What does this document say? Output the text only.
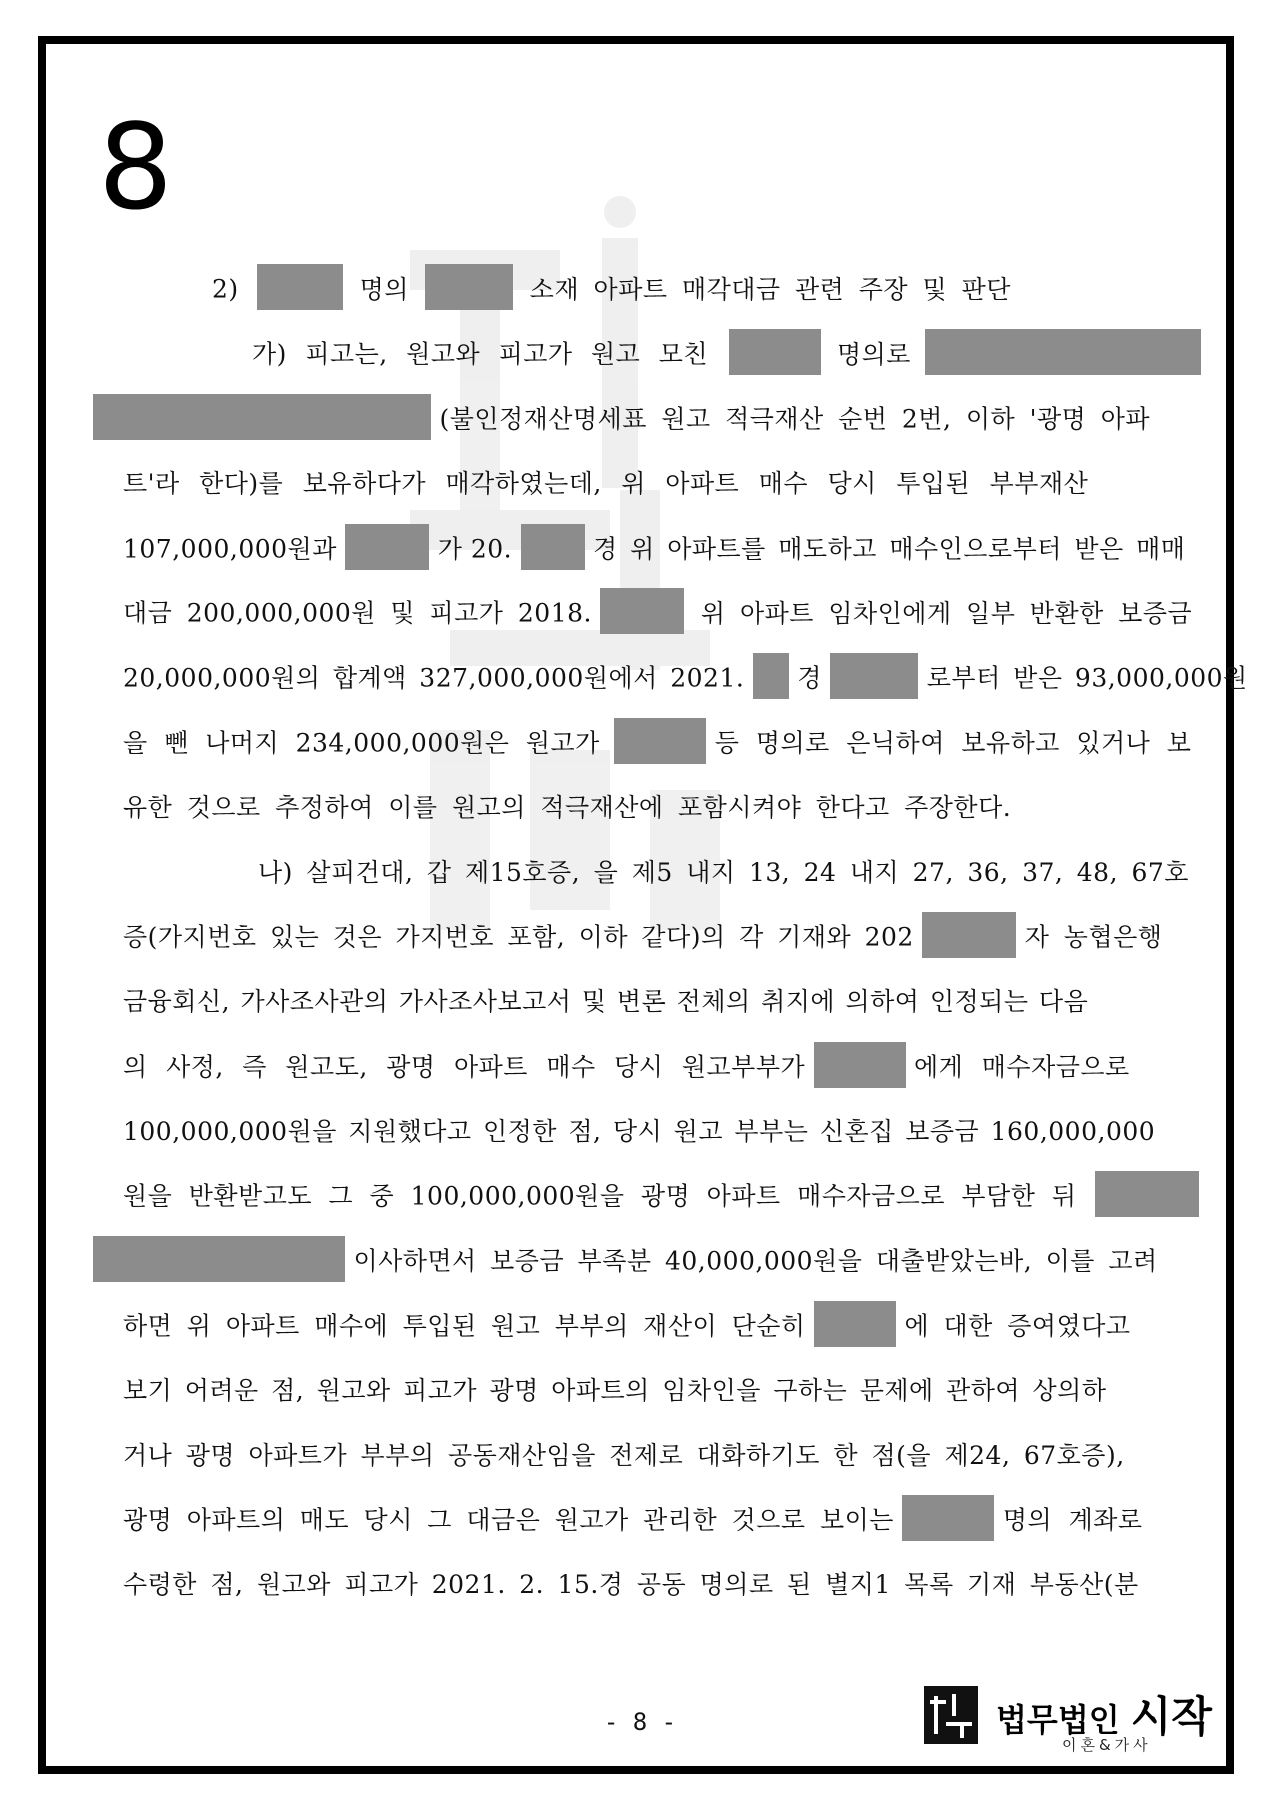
8
2)	명의	소재 아파트 매각대금 관련 주장 및 판단
가) 피고는, 원고와 피고가 원고 모친	명의로
(불인정재산명세표 원고 적극재산 순번 2번, 이하 '광명 아파
트'라 한다)를 보유하다가 매각하였는데, 위 아파트 매수 당시 투입된 부부재산
107,000,000원과	가 20.	경 위 아파트를 매도하고 매수인으로부터 받은 매매
대금 200,000,000원 및 피고가 2018.	위 아파트 임차인에게 일부 반환한 보증금
20,000,000원의 합계액 327,000,000원에서 2021. 경	로부터 받은 93,000,000원
을 뺀 나머지 234,000,000원은 원고가	등 명의로 은닉하여 보유하고 있거나 보
유한 것으로 추정하여 이를 원고의 적극재산에 포함시켜야 한다고 주장한다.
나) 살피건대, 갑 제15호증, 을 제5 내지 13, 24 내지 27, 36, 37, 48, 67호
증(가지번호 있는 것은 가지번호 포함, 이하 같다)의 각 기재와 202	자 농협은행
금융회신, 가사조사관의 가사조사보고서 및 변론 전체의 취지에 의하여 인정되는 다음
의 사정, 즉 원고도, 광명 아파트 매수 당시 원고부부가	에게 매수자금으로
100,000,000원을 지원했다고 인정한 점, 당시 원고 부부는 신혼집 보증금 160,000,000
원을 반환받고도 그 중 100,000,000원을 광명 아파트 매수자금으로 부담한 뒤
이사하면서 보증금 부족분 40,000,000원을 대출받았는바, 이를 고려
하면 위 아파트 매수에 투입된 원고 부부의 재산이 단순히	에 대한 증여였다고
보기 어려운 점, 원고와 피고가 광명 아파트의 임차인을 구하는 문제에 관하여 상의하
거나 광명 아파트가 부부의 공동재산임을 전제로 대화하기도 한 점(을 제24, 67호증),
광명 아파트의 매도 당시 그 대금은 원고가 관리한 것으로 보이는	명의 계좌로
수령한 점, 원고와 피고가 2021. 2. 15.경 공동 명의로 된 별지1 목록 기재 부동산(분
- 8 -	법무법인 시작
이혼&가사
